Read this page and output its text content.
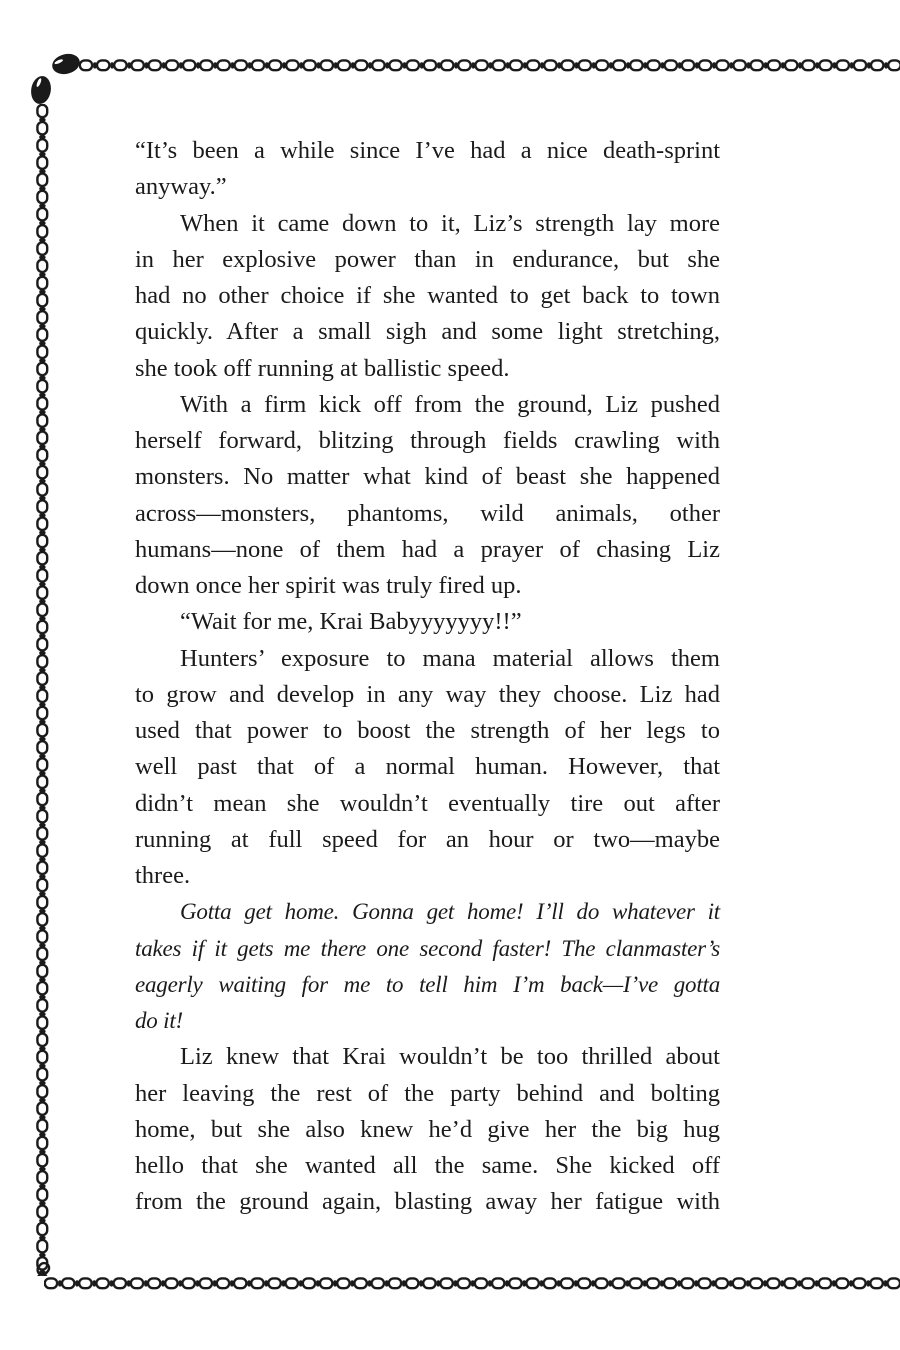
“It’s been a while since I’ve had a nice death-sprint
anyway.”

When it came down to it, Liz’s strength lay more
in her explosive power than in endurance, but she
had no other choice if she wanted to get back to town
quickly. After a small sigh and some light stretching,
she took off running at ballistic speed.

With a firm kick off from the ground, Liz pushed
herself forward, blitzing through fields crawling with
monsters. No matter what kind of beast she happened
across—monsters, phantoms, wild animals, other
humans—none of them had a prayer of chasing Liz
down once her spirit was truly fired up.

“Wait for me, Krai Babyyyyyyy!!”

Hunters’ exposure to mana material allows them
to grow and develop in any way they choose. Liz had
used that power to boost the strength of her legs to
well past that of a normal human. However, that
didn’t mean she wouldn’t eventually tire out after
running at full speed for an hour or two—maybe
three.

Gotta get home. Gonna get home! I’ll do whatever it
takes if it gets me there one second faster! The clanmaster’s
eagerly waiting for me to tell him I’m back—I’ve gotta
do it!

Liz knew that Krai wouldn’t be too thrilled about
her leaving the rest of the party behind and bolting
home, but she also knew he’d give her the big hug
hello that she wanted all the same. She kicked off
from the ground again, blasting away her fatigue with
